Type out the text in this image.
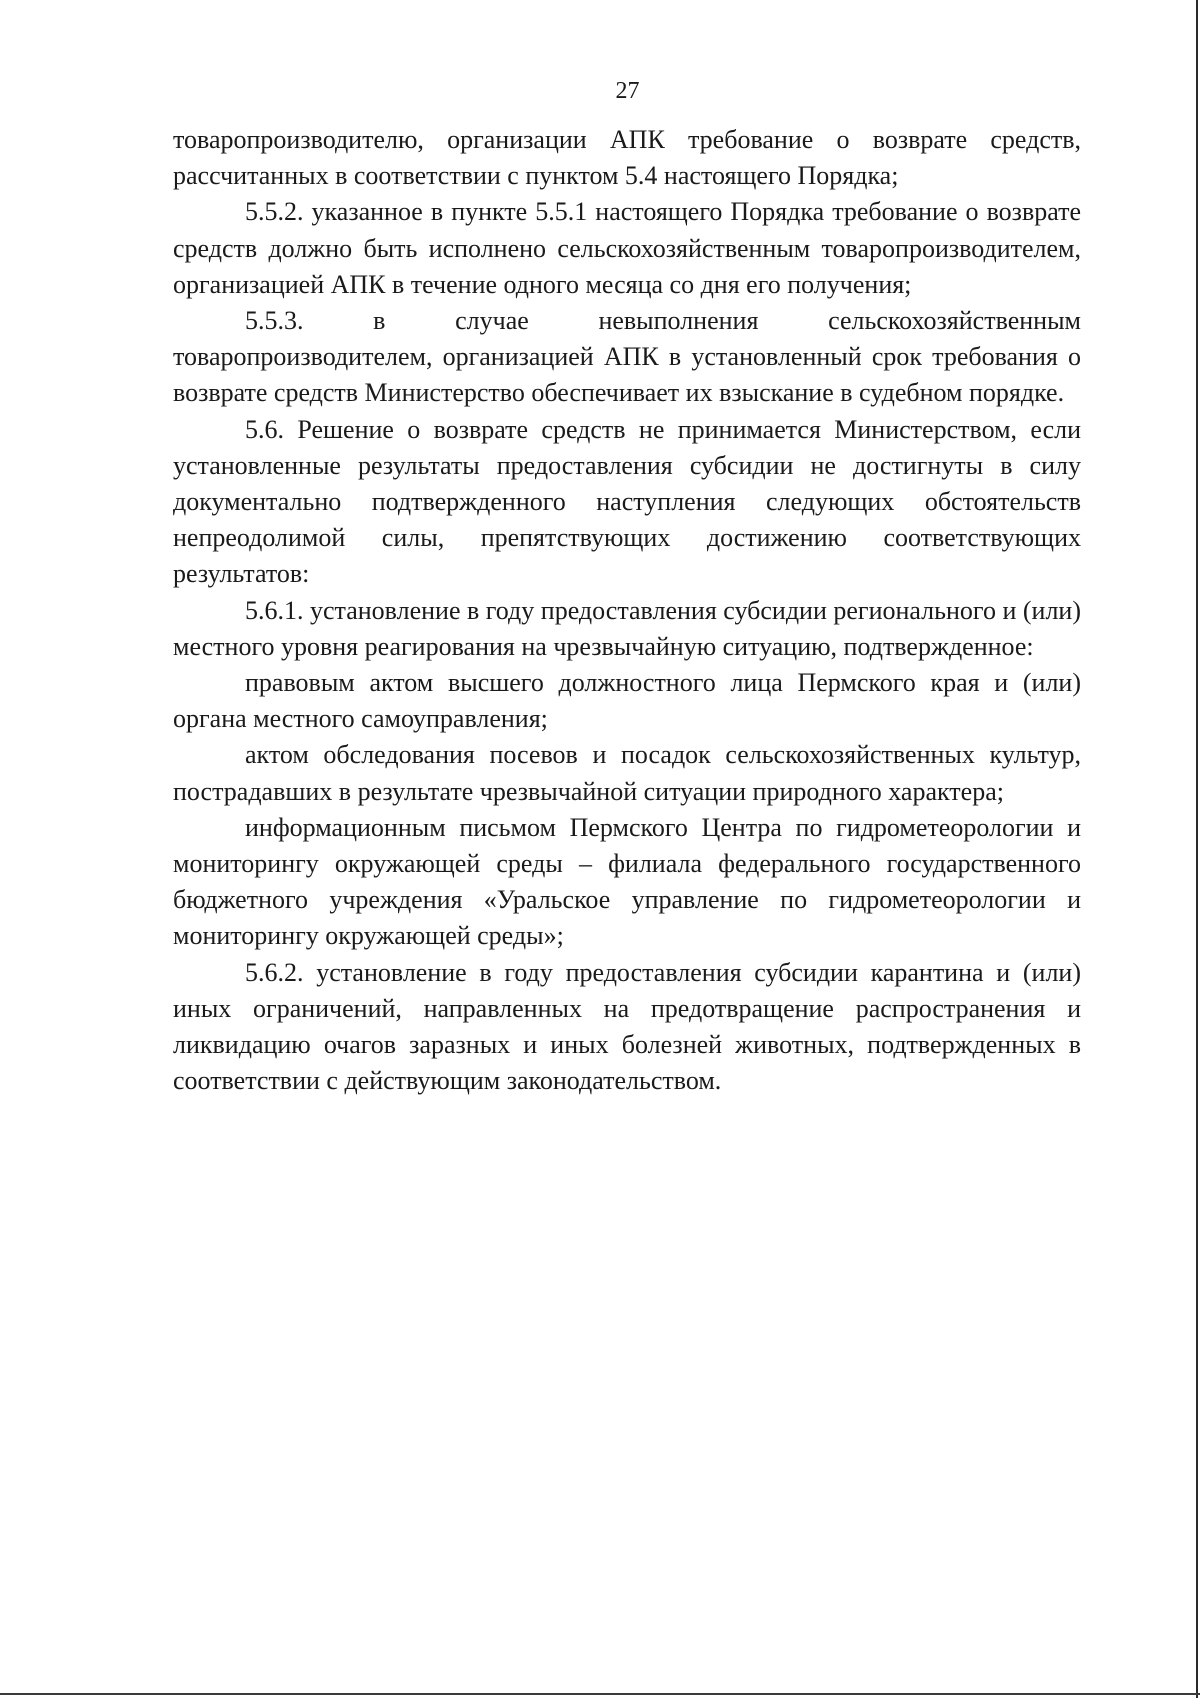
27

товаропроизводителю, организации АПК требование о возврате средств, рассчитанных в соответствии с пунктом 5.4 настоящего Порядка;

5.5.2. указанное в пункте 5.5.1 настоящего Порядка требование о возврате средств должно быть исполнено сельскохозяйственным товаропроизводителем, организацией АПК в течение одного месяца со дня его получения;

5.5.3. в случае невыполнения сельскохозяйственным товаропроизводителем, организацией АПК в установленный срок требования о возврате средств Министерство обеспечивает их взыскание в судебном порядке.

5.6. Решение о возврате средств не принимается Министерством, если установленные результаты предоставления субсидии не достигнуты в силу документально подтвержденного наступления следующих обстоятельств непреодолимой силы, препятствующих достижению соответствующих результатов:

5.6.1. установление в году предоставления субсидии регионального и (или) местного уровня реагирования на чрезвычайную ситуацию, подтвержденное:

правовым актом высшего должностного лица Пермского края и (или) органа местного самоуправления;

актом обследования посевов и посадок сельскохозяйственных культур, пострадавших в результате чрезвычайной ситуации природного характера;

информационным письмом Пермского Центра по гидрометеорологии и мониторингу окружающей среды – филиала федерального государственного бюджетного учреждения «Уральское управление по гидрометеорологии и мониторингу окружающей среды»;

5.6.2. установление в году предоставления субсидии карантина и (или) иных ограничений, направленных на предотвращение распространения и ликвидацию очагов заразных и иных болезней животных, подтвержденных в соответствии с действующим законодательством.
